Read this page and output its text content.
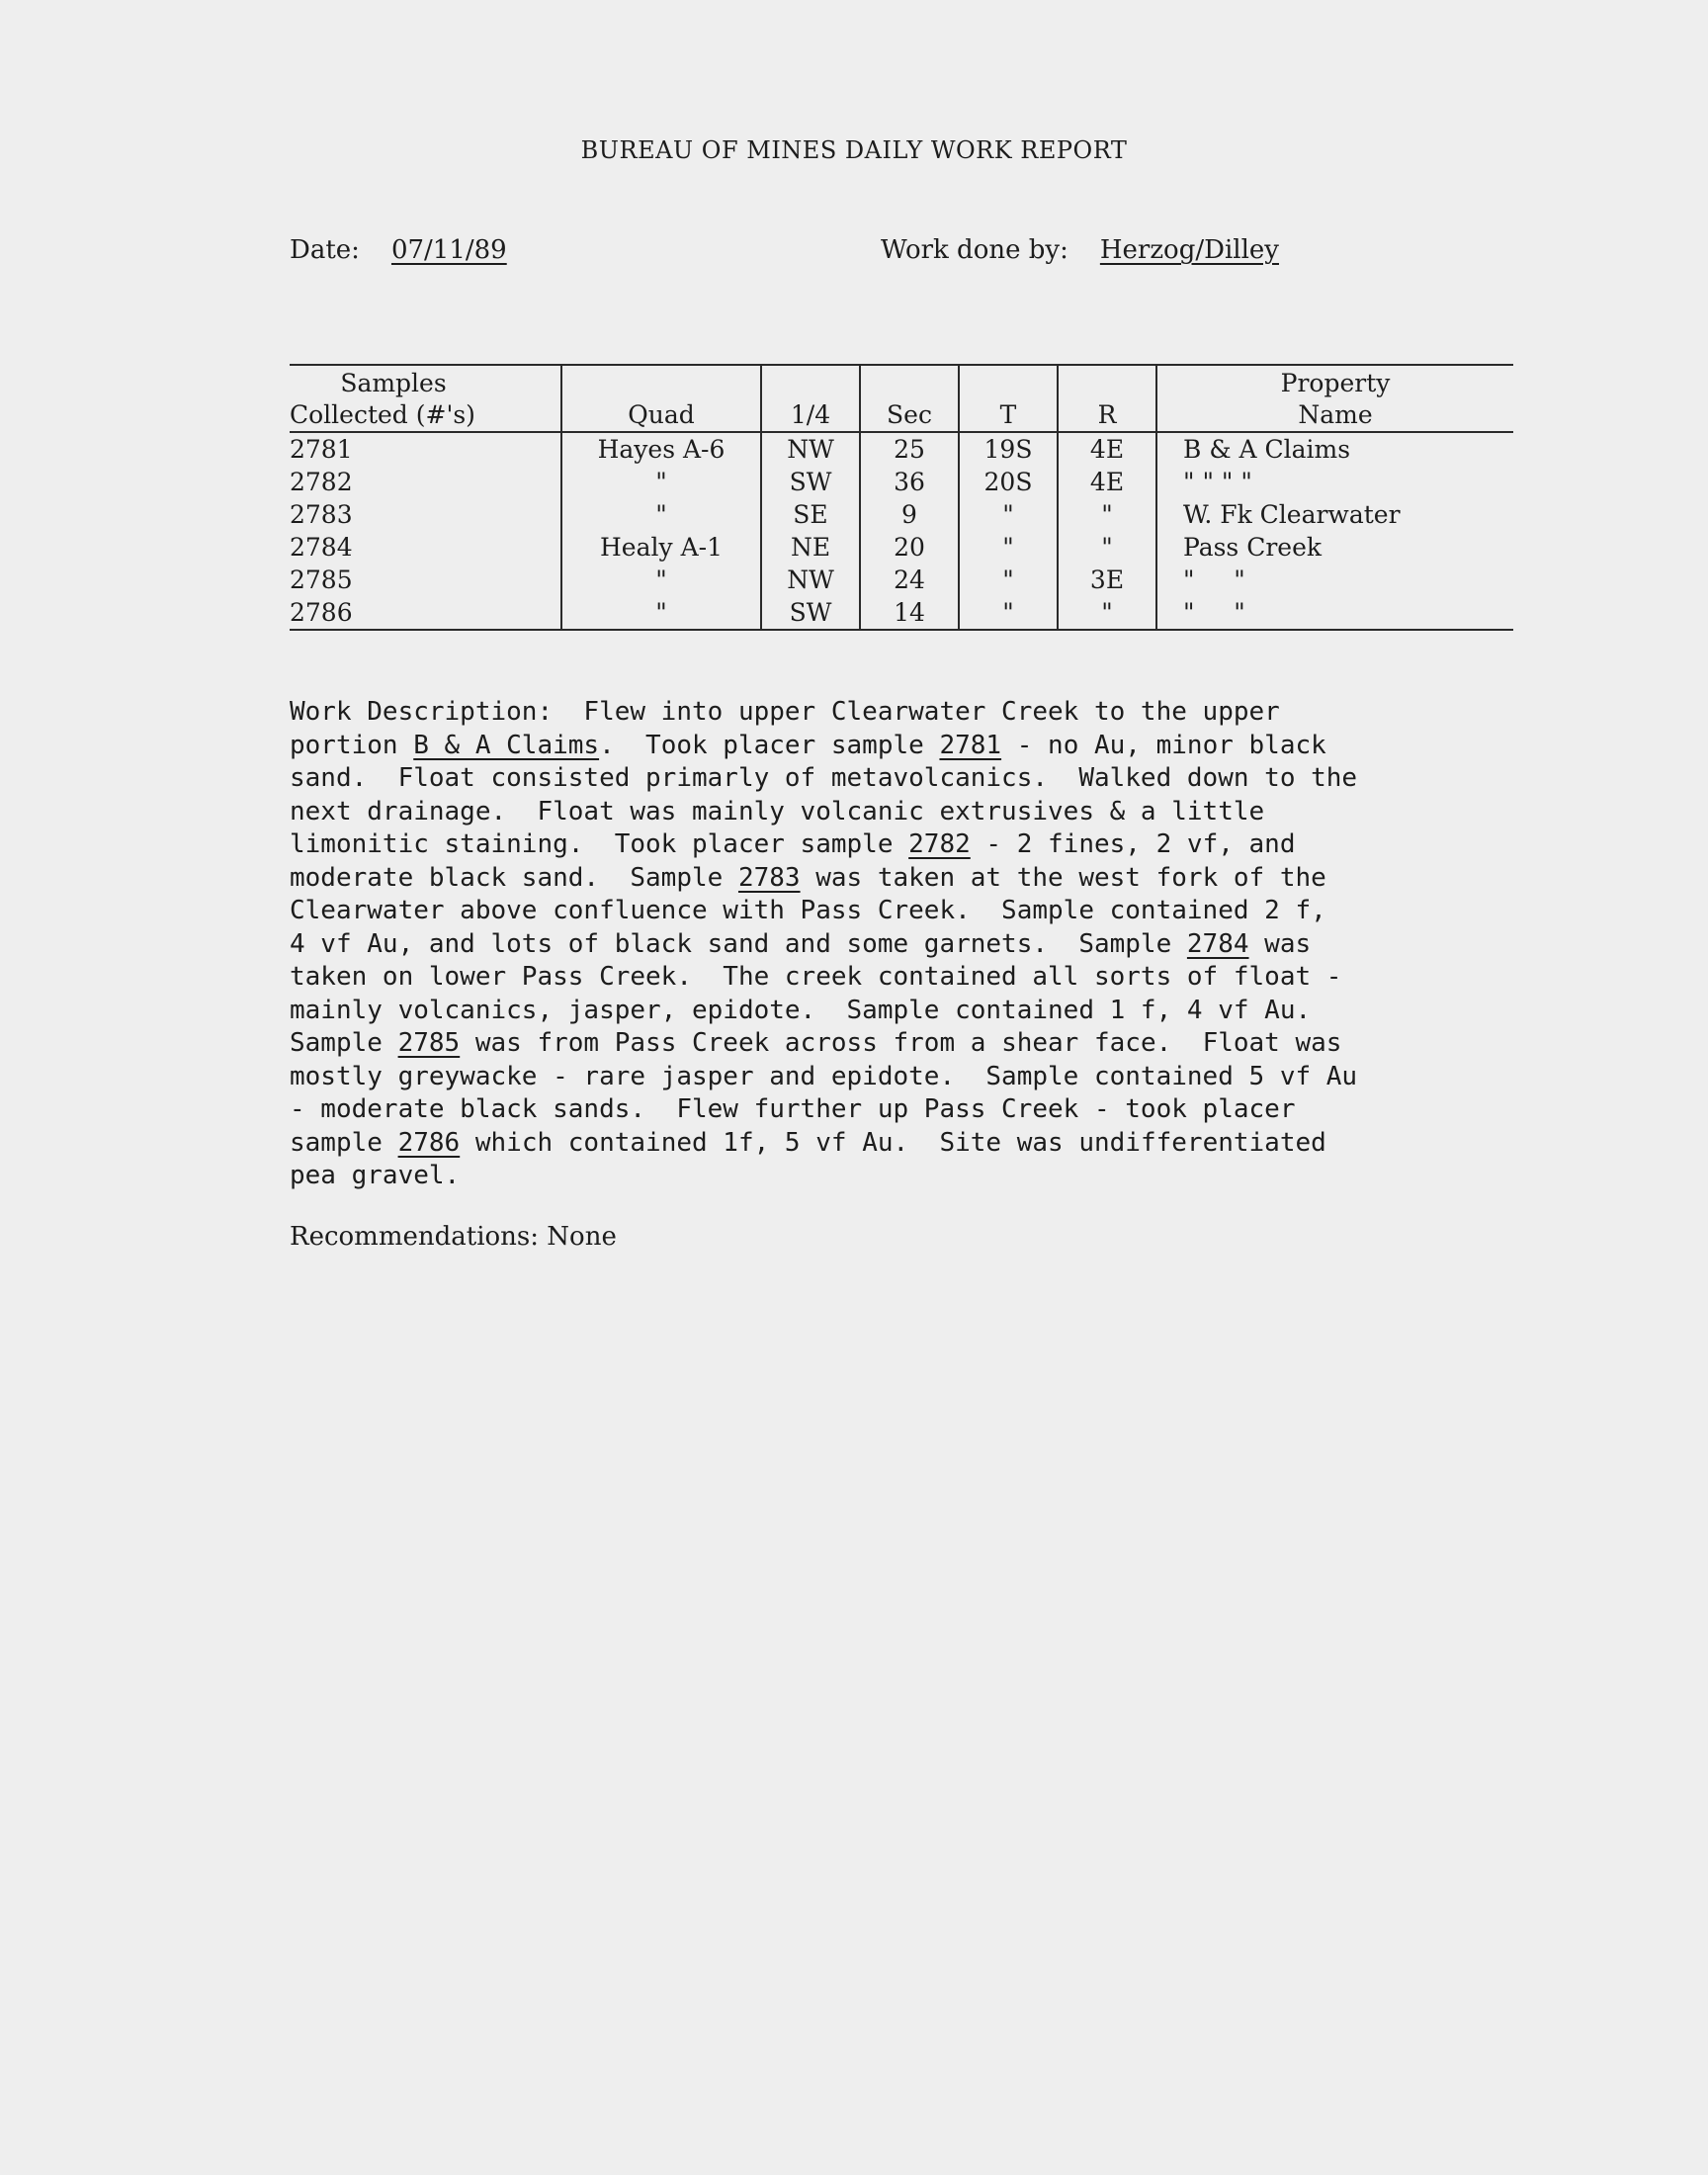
BUREAU OF MINES DAILY WORK REPORT
Date: 07/11/89	Work done by: Herzog/Dilley
Samples
Collected (#'s)	Quad	1/4	Sec	T	R	Property
Name

2781	Hayes A-6	NW	25	19S	4E	B & A Claims
2782	"	SW	36	20S	4E	" " " "
2783	"	SE	9	"	"	W. Fk Clearwater
2784	Healy A-1	NE	20	"	"	Pass Creek
2785	"	NW	24	"	3E	"     "
2786	"	SW	14	"	"	"     "
Work Description:  Flew into upper Clearwater Creek to the upper
portion B & A Claims.  Took placer sample 2781 - no Au, minor black
sand.  Float consisted primarly of metavolcanics.  Walked down to the
next drainage.  Float was mainly volcanic extrusives & a little
limonitic staining.  Took placer sample 2782 - 2 fines, 2 vf, and
moderate black sand.  Sample 2783 was taken at the west fork of the
Clearwater above confluence with Pass Creek.  Sample contained 2 f,
4 vf Au, and lots of black sand and some garnets.  Sample 2784 was
taken on lower Pass Creek.  The creek contained all sorts of float -
mainly volcanics, jasper, epidote.  Sample contained 1 f, 4 vf Au.
Sample 2785 was from Pass Creek across from a shear face.  Float was
mostly greywacke - rare jasper and epidote.  Sample contained 5 vf Au
- moderate black sands.  Flew further up Pass Creek - took placer
sample 2786 which contained 1f, 5 vf Au.  Site was undifferentiated
pea gravel.
Recommendations: None
